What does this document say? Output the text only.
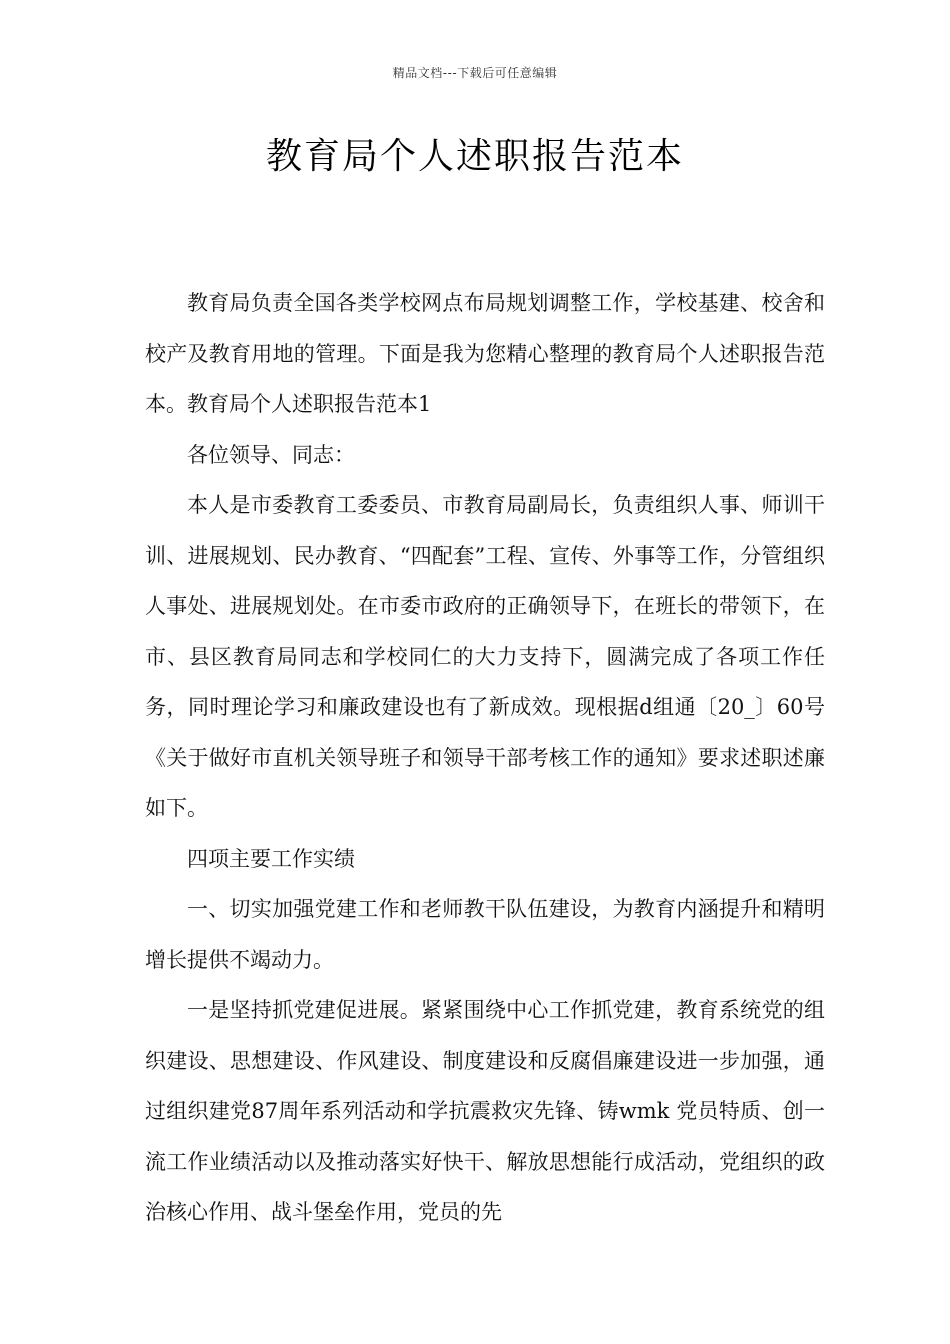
精品文档---下载后可任意编辑
教育局个人述职报告范本

教育局负责全国各类学校网点布局规划调整工作，学校基建、校舍和校产及教育用地的管理。下面是我为您精心整理的教育局个人述职报告范本。教育局个人述职报告范本1

各位领导、同志：

本人是市委教育工委委员、市教育局副局长，负责组织人事、师训干训、进展规划、民办教育、“四配套”工程、宣传、外事等工作，分管组织人事处、进展规划处。在市委市政府的正确领导下，在班长的带领下，在市、县区教育局同志和学校同仁的大力支持下，圆满完成了各项工作任务，同时理论学习和廉政建设也有了新成效。现根据d组通〔20_〕60号《关于做好市直机关领导班子和领导干部考核工作的通知》要求述职述廉如下。

四项主要工作实绩

一、切实加强党建工作和老师教干队伍建设，为教育内涵提升和精明增长提供不竭动力。

一是坚持抓党建促进展。紧紧围绕中心工作抓党建，教育系统党的组织建设、思想建设、作风建设、制度建设和反腐倡廉建设进一步加强，通过组织建党87周年系列活动和学抗震救灾先锋、铸wmk 党员特质、创一流工作业绩活动以及推动落实好快干、解放思想能行成活动，党组织的政治核心作用、战斗堡垒作用，党员的先
